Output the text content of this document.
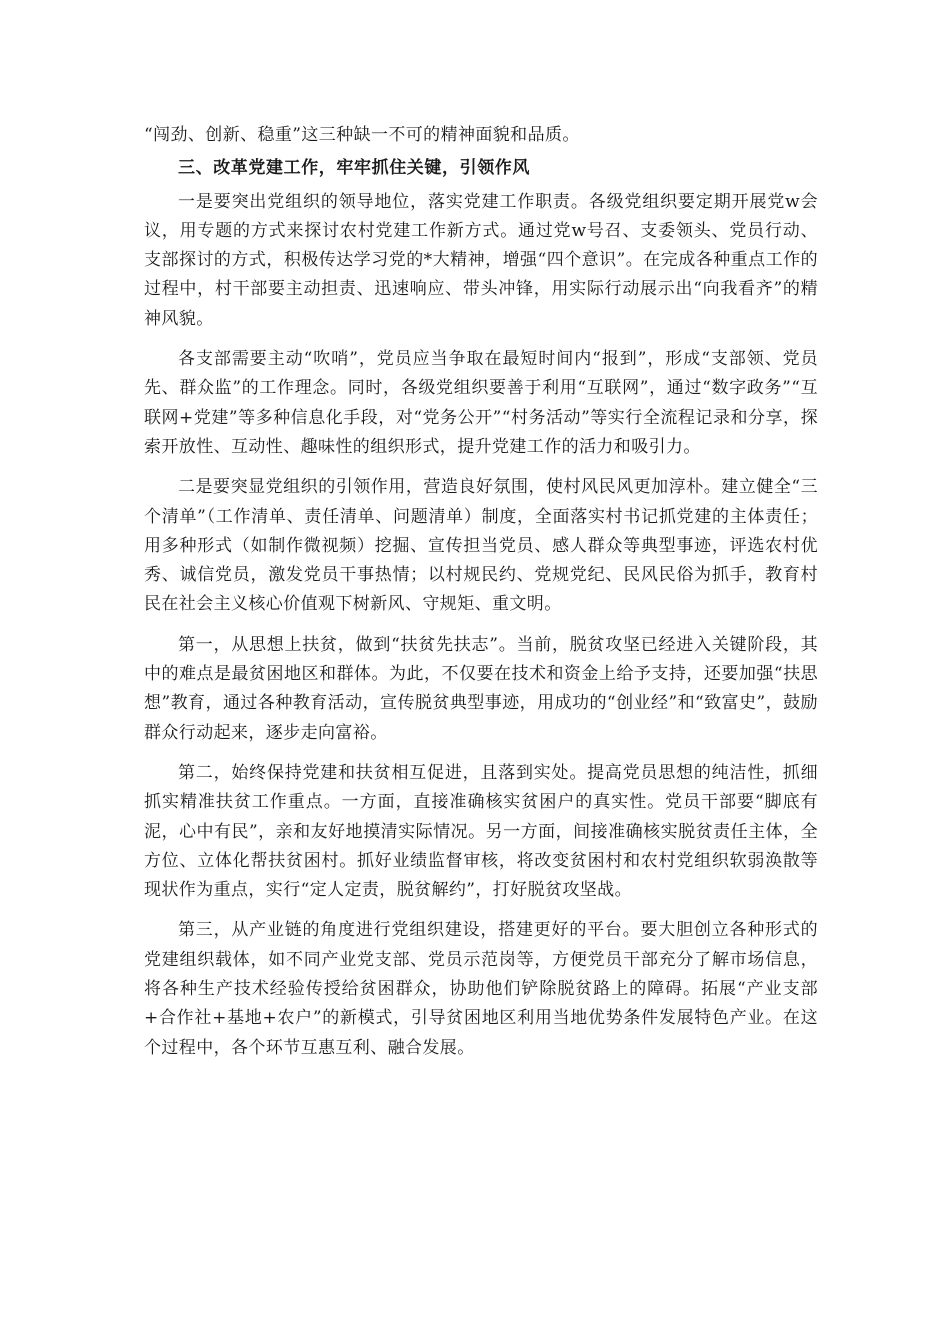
“闯劲、创新、稳重”这三种缺一不可的精神面貌和品质。

三、改革党建工作，牢牢抓住关键，引领作风

一是要突出党组织的领导地位，落实党建工作职责。各级党组织要定期开展党w会议，用专题的方式来探讨农村党建工作新方式。通过党w号召、支委领头、党员行动、支部探讨的方式，积极传达学习党的*大精神，增强“四个意识”。在完成各种重点工作的过程中，村干部要主动担责、迅速响应、带头冲锋，用实际行动展示出“向我看齐”的精神风貌。

各支部需要主动“吹哨”，党员应当争取在最短时间内“报到”，形成“支部领、党员先、群众监”的工作理念。同时，各级党组织要善于利用“互联网”，通过“数字政务”“互联网+党建”等多种信息化手段，对“党务公开”“村务活动”等实行全流程记录和分享，探索开放性、互动性、趣味性的组织形式，提升党建工作的活力和吸引力。

二是要突显党组织的引领作用，营造良好氛围，使村风民风更加淳朴。建立健全“三个清单”（工作清单、责任清单、问题清单）制度，全面落实村书记抓党建的主体责任；用多种形式（如制作微视频）挖掘、宣传担当党员、感人群众等典型事迹，评选农村优秀、诚信党员，激发党员干事热情；以村规民约、党规党纪、民风民俗为抓手，教育村民在社会主义核心价值观下树新风、守规矩、重文明。

第一，从思想上扶贫，做到“扶贫先扶志”。当前，脱贫攻坚已经进入关键阶段，其中的难点是最贫困地区和群体。为此，不仅要在技术和资金上给予支持，还要加强“扶思想”教育，通过各种教育活动，宣传脱贫典型事迹，用成功的“创业经”和“致富史”，鼓励群众行动起来，逐步走向富裕。

第二，始终保持党建和扶贫相互促进，且落到实处。提高党员思想的纯洁性，抓细抓实精准扶贫工作重点。一方面，直接准确核实贫困户的真实性。党员干部要“脚底有泥，心中有民”，亲和友好地摸清实际情况。另一方面，间接准确核实脱贫责任主体，全方位、立体化帮扶贫困村。抓好业绩监督审核，将改变贫困村和农村党组织软弱涣散等现状作为重点，实行“定人定责，脱贫解约”，打好脱贫攻坚战。

第三，从产业链的角度进行党组织建设，搭建更好的平台。要大胆创立各种形式的党建组织载体，如不同产业党支部、党员示范岗等，方便党员干部充分了解市场信息，将各种生产技术经验传授给贫困群众，协助他们铲除脱贫路上的障碍。拓展“产业支部+合作社+基地+农户”的新模式，引导贫困地区利用当地优势条件发展特色产业。在这个过程中，各个环节互惠互利、融合发展。
